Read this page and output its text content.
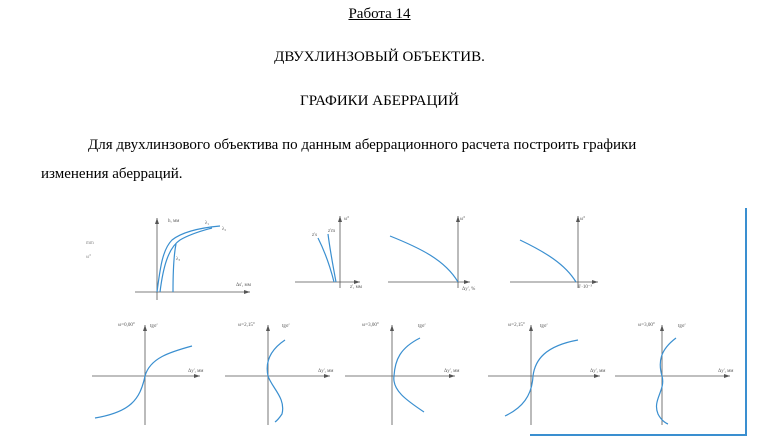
Работа 14
ДВУХЛИНЗОВЫЙ ОБЪЕКТИВ.
ГРАФИКИ АБЕРРАЦИЙ
Для двухлинзового объектива по данным аберрационного расчета построить графики
изменения аберраций.
h, мм
Δs', мм
mm
ω°
λ₁
λ₂
λ₃
ω°
z', мм
z's
z'm
ω°
Δy', %
ω°
δ'·10⁻³
ω=0,00°	tgσ'
Δy', мм
ω=2,15°	tgσ'
Δy', мм
ω=3,00°	tgσ'
Δy', мм
ω=2,15°	tgσ'
Δy', мм
ω=3,00°	tgσ'
Δy', мм
